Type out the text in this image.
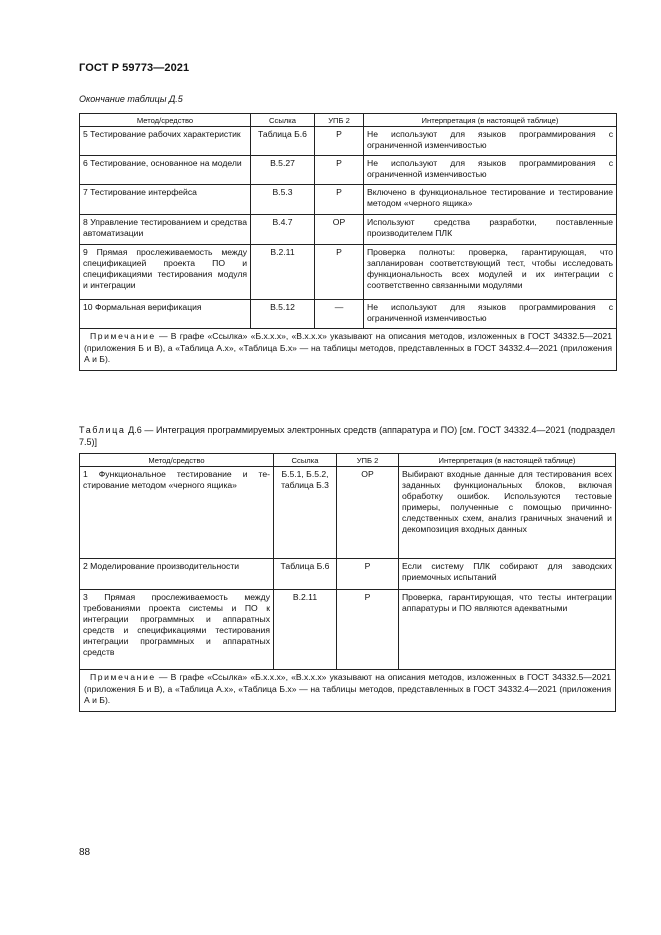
ГОСТ Р 59773—2021
Окончание таблицы Д.5
Метод/средство	Ссылка	УПБ 2	Интерпретация (в настоящей таблице)
5 Тестирование рабочих характеристик	Таблица Б.6	Р	Не используют для языков программирования с ограниченной изменчивостью
6 Тестирование, основанное на модели	В.5.27	Р	Не используют для языков программирования с ограниченной изменчивостью
7 Тестирование интерфейса	В.5.3	Р	Включено в функциональное тестирование и тестирование методом «черного ящика»
8 Управление тестированием и средства автоматизации	В.4.7	ОР	Используют средства разработки, поставленные производителем ПЛК
9 Прямая прослеживаемость между спецификацией проекта ПО и спецификациями тестирования модуля и интеграции	В.2.11	Р	Проверка полноты: проверка, гарантирующая, что запланирован соответствующий тест, чтобы исследовать функциональность всех модулей и их интеграции с соответственно связанными модулями
10 Формальная верификация	В.5.12	—	Не используют для языков программирования с ограниченной изменчивостью
Примечание — В графе «Ссылка» «Б.х.х.х», «В.х.х.х» указывают на описания методов, изложенных в ГОСТ 34332.5—2021 (приложения Б и В), а «Таблица А.х», «Таблица Б.х» — на таблицы методов, представленных в ГОСТ 34332.4—2021 (приложения А и Б).			
Таблица Д.6 — Интеграция программируемых электронных средств (аппаратура и ПО) [см. ГОСТ 34332.4—2021 (подраздел 7.5)]
Метод/средство	Ссылка	УПБ 2	Интерпретация (в настоящей таблице)
1 Функциональное тестирование и тестирование методом «черного ящика»	Б.5.1, Б.5.2, таблица Б.3	ОР	Выбирают входные данные для тестирования всех заданных функциональных блоков, включая обработку ошибок. Используются тестовые примеры, полученные с помощью причинно-следственных схем, анализ граничных значений и декомпозиция входных данных
2 Моделирование производительности	Таблица Б.6	Р	Если систему ПЛК собирают для заводских приемочных испытаний
3 Прямая прослеживаемость между требованиями проекта системы и ПО к интеграции программных и аппаратных средств и спецификациями тестирования интеграции программных и аппаратных средств	В.2.11	Р	Проверка, гарантирующая, что тесты интеграции аппаратуры и ПО являются адекватными
Примечание — В графе «Ссылка» «Б.х.х.х», «В.х.х.х» указывают на описания методов, изложенных в ГОСТ 34332.5—2021 (приложения Б и В), а «Таблица А.х», «Таблица Б.х» — на таблицы методов, представленных в ГОСТ 34332.4—2021 (приложения А и Б).			
88
